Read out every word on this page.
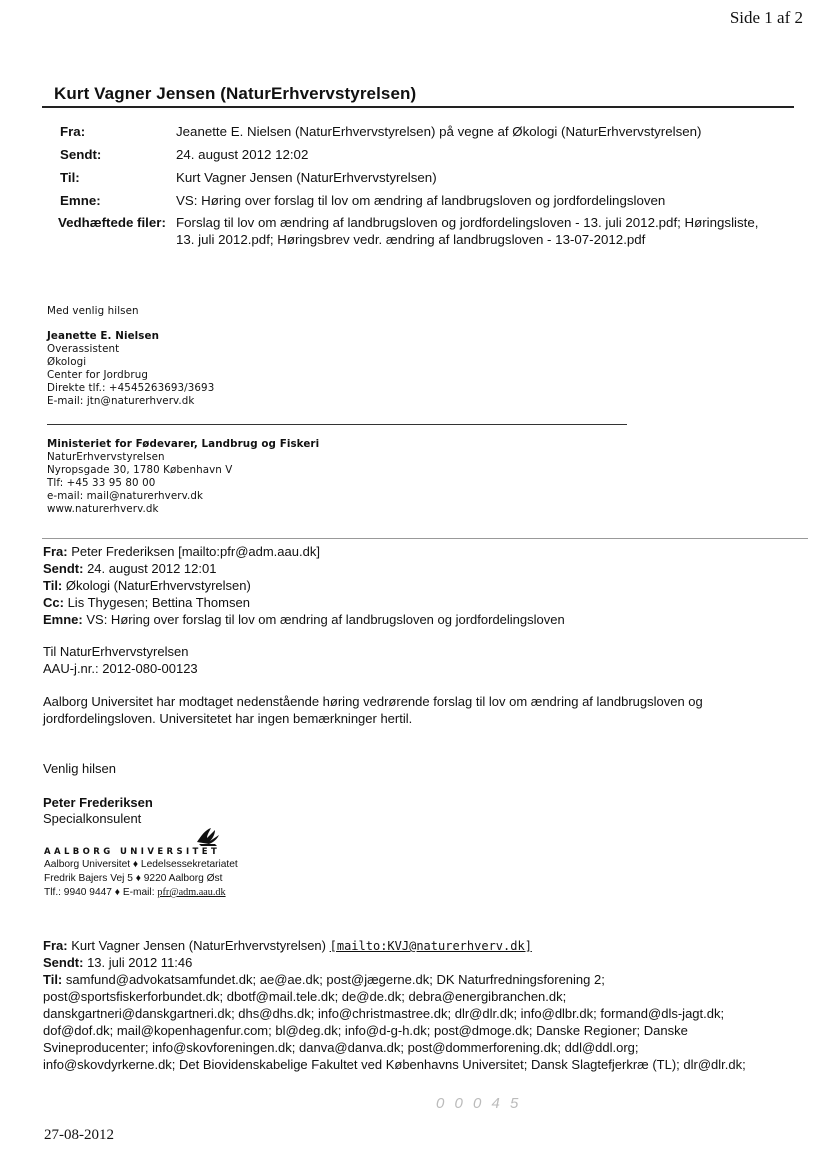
Side 1 af 2
Kurt Vagner Jensen (NaturErhvervstyrelsen)
Fra:	Jeanette E. Nielsen (NaturErhvervstyrelsen) på vegne af Økologi (NaturErhvervstyrelsen)
Sendt:	24. august 2012 12:02
Til:	Kurt Vagner Jensen (NaturErhvervstyrelsen)
Emne:	VS: Høring over forslag til lov om ændring af landbrugsloven og jordfordelingsloven
Vedhæftede filer: Forslag til lov om ændring af landbrugsloven og jordfordelingsloven - 13. juli 2012.pdf; Høringsliste,
13. juli 2012.pdf; Høringsbrev vedr. ændring af landbrugsloven - 13-07-2012.pdf
Med venlig hilsen
Jeanette E. Nielsen
Overassistent
Økologi
Center for Jordbrug
Direkte tlf.: +4545263693/3693
E-mail: jtn@naturerhverv.dk
Ministeriet for Fødevarer, Landbrug og Fiskeri
NaturErhvervstyrelsen
Nyropsgade 30, 1780 København V
Tlf: +45 33 95 80 00
e-mail: mail@naturerhverv.dk
www.naturerhverv.dk
Fra: Peter Frederiksen [mailto:pfr@adm.aau.dk]
Sendt: 24. august 2012 12:01
Til: Økologi (NaturErhvervstyrelsen)
Cc: Lis Thygesen; Bettina Thomsen
Emne: VS: Høring over forslag til lov om ændring af landbrugsloven og jordfordelingsloven
Til NaturErhvervstyrelsen
AAU-j.nr.: 2012-080-00123
Aalborg Universitet har modtaget nedenstående høring vedrørende forslag til lov om ændring af landbrugsloven og
jordfordelingsloven. Universitetet har ingen bemærkninger hertil.
Venlig hilsen
Peter Frederiksen
Specialkonsulent
AALBORG UNIVERSITET
Aalborg Universitet ♦ Ledelsessekretariatet
Fredrik Bajers Vej 5 ♦ 9220 Aalborg Øst
Tlf.: 9940 9447 ♦ E-mail: pfr@adm.aau.dk
Fra: Kurt Vagner Jensen (NaturErhvervstyrelsen) [mailto:KVJ@naturerhverv.dk]
Sendt: 13. juli 2012 11:46
Til: samfund@advokatsamfundet.dk; ae@ae.dk; post@jægerne.dk; DK Naturfredningsforening 2;
post@sportsfiskerforbundet.dk; dbotf@mail.tele.dk; de@de.dk; debra@energibranchen.dk;
danskgartneri@danskgartneri.dk; dhs@dhs.dk; info@christmastree.dk; dlr@dlr.dk; info@dlbr.dk; formand@dls-jagt.dk;
dof@dof.dk; mail@kopenhagenfur.com; bl@deg.dk; info@d-g-h.dk; post@dmoge.dk; Danske Regioner; Danske
Svineproducenter; info@skovforeningen.dk; danva@danva.dk; post@dommerforening.dk; ddl@ddl.org;
info@skovdyrkerne.dk; Det Biovidenskabelige Fakultet ved Københavns Universitet; Dansk Slagtefjerkræ (TL); dlr@dlr.dk;
0 0 0 4 5
27-08-2012
